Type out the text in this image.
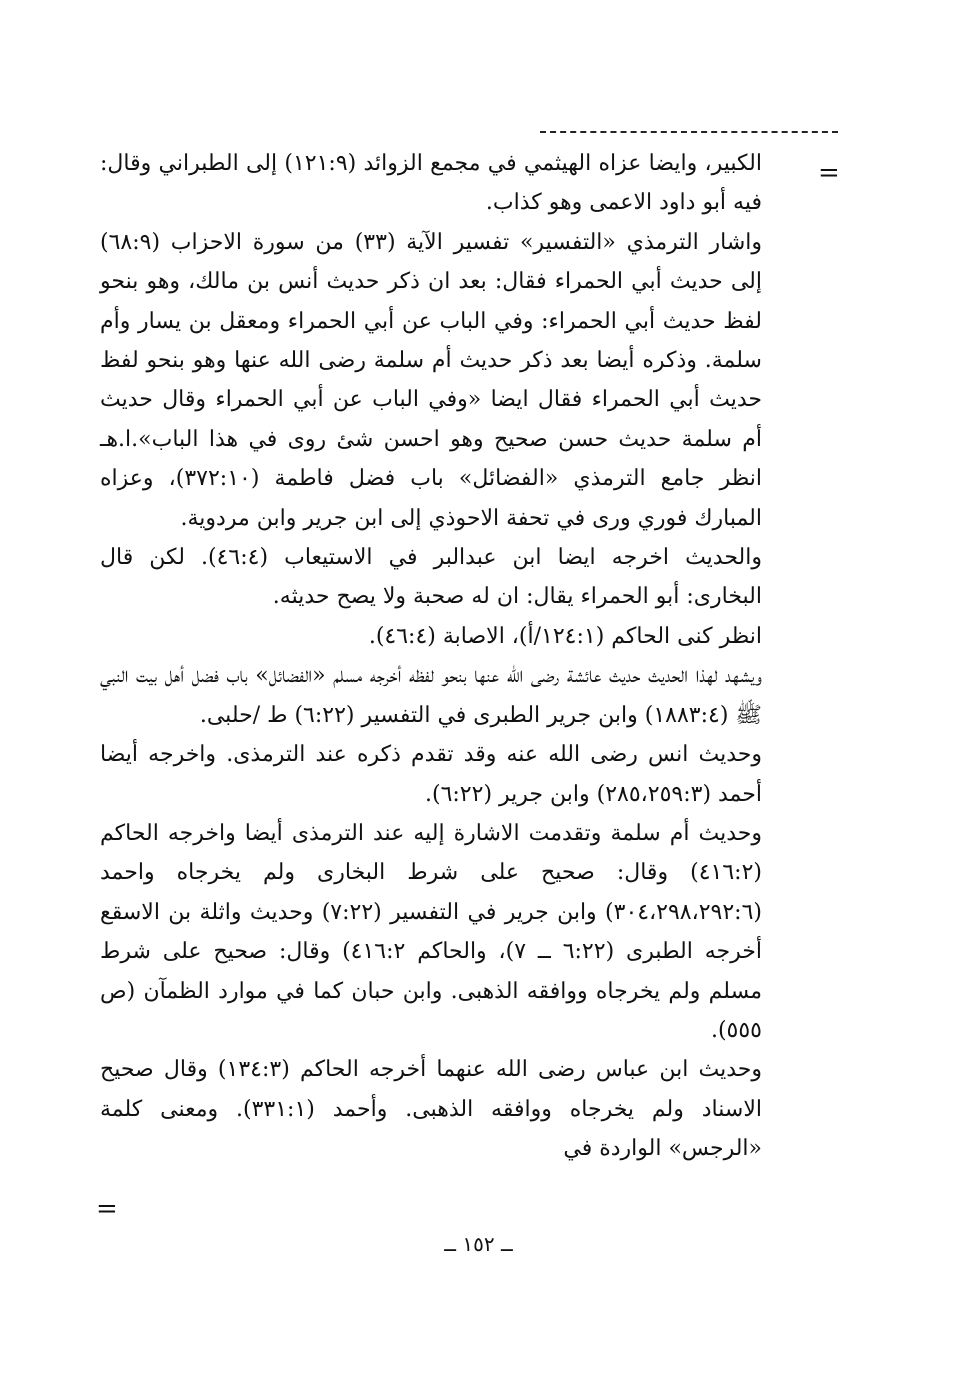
=

الكبير، وايضا عزاه الهيثمي في مجمع الزوائد (١٢١:٩) إلى الطبراني وقال: فيه أبو داود الاعمى وهو كذاب.

واشار الترمذي «التفسير» تفسير الآية (٣٣) من سورة الاحزاب (٦٨:٩) إلى حديث أبي الحمراء فقال: بعد ان ذكر حديث أنس بن مالك، وهو بنحو لفظ حديث أبي الحمراء: وفي الباب عن أبي الحمراء ومعقل بن يسار وأم سلمة. وذكره أيضا بعد ذكر حديث أم سلمة رضى الله عنها وهو بنحو لفظ حديث أبي الحمراء فقال ايضا «وفي الباب عن أبي الحمراء وقال حديث أم سلمة حديث حسن صحيح وهو احسن شئ روى في هذا الباب».ا.هـ انظر جامع الترمذي «الفضائل» باب فضل فاطمة (٣٧٢:١٠)، وعزاه المبارك فوري ورى في تحفة الاحوذي إلى ابن جرير وابن مردوية.

والحديث اخرجه ايضا ابن عبدالبر في الاستيعاب (٤٦:٤). لكن قال البخارى: أبو الحمراء يقال: ان له صحبة ولا يصح حديثه.

انظر كنى الحاكم (١٢٤:١/أ)، الاصابة (٤٦:٤).

ويشهد لهذا الحديث حديث عائشة رضى الله عنها بنحو لفظه أخرجه مسلم «الفضائل» باب فضل أهل بيت النبي ﷺ (١٨٨٣:٤) وابن جرير الطبرى في التفسير (٦:٢٢) ط /حلبى.

وحديث انس رضى الله عنه وقد تقدم ذكره عند الترمذى. واخرجه أيضا أحمد (٢٨٥،٢٥٩:٣) وابن جرير (٦:٢٢).

وحديث أم سلمة وتقدمت الاشارة إليه عند الترمذى أيضا واخرجه الحاكم (٤١٦:٢) وقال: صحيح على شرط البخارى ولم يخرجاه واحمد (٣٠٤،٢٩٨،٢٩٢:٦) وابن جرير في التفسير (٧:٢٢) وحديث واثلة بن الاسقع أخرجه الطبرى (٦:٢٢ ــ ٧)، والحاكم ٤١٦:٢) وقال: صحيح على شرط مسلم ولم يخرجاه ووافقه الذهبى. وابن حبان كما في موارد الظمآن (ص ٥٥٥).

وحديث ابن عباس رضى الله عنهما أخرجه الحاكم (١٣٤:٣) وقال صحيح الاسناد ولم يخرجاه ووافقه الذهبى. وأحمد (٣٣١:١). ومعنى كلمة «الرجس» الواردة في

=
ــ ١٥٢ ــ
